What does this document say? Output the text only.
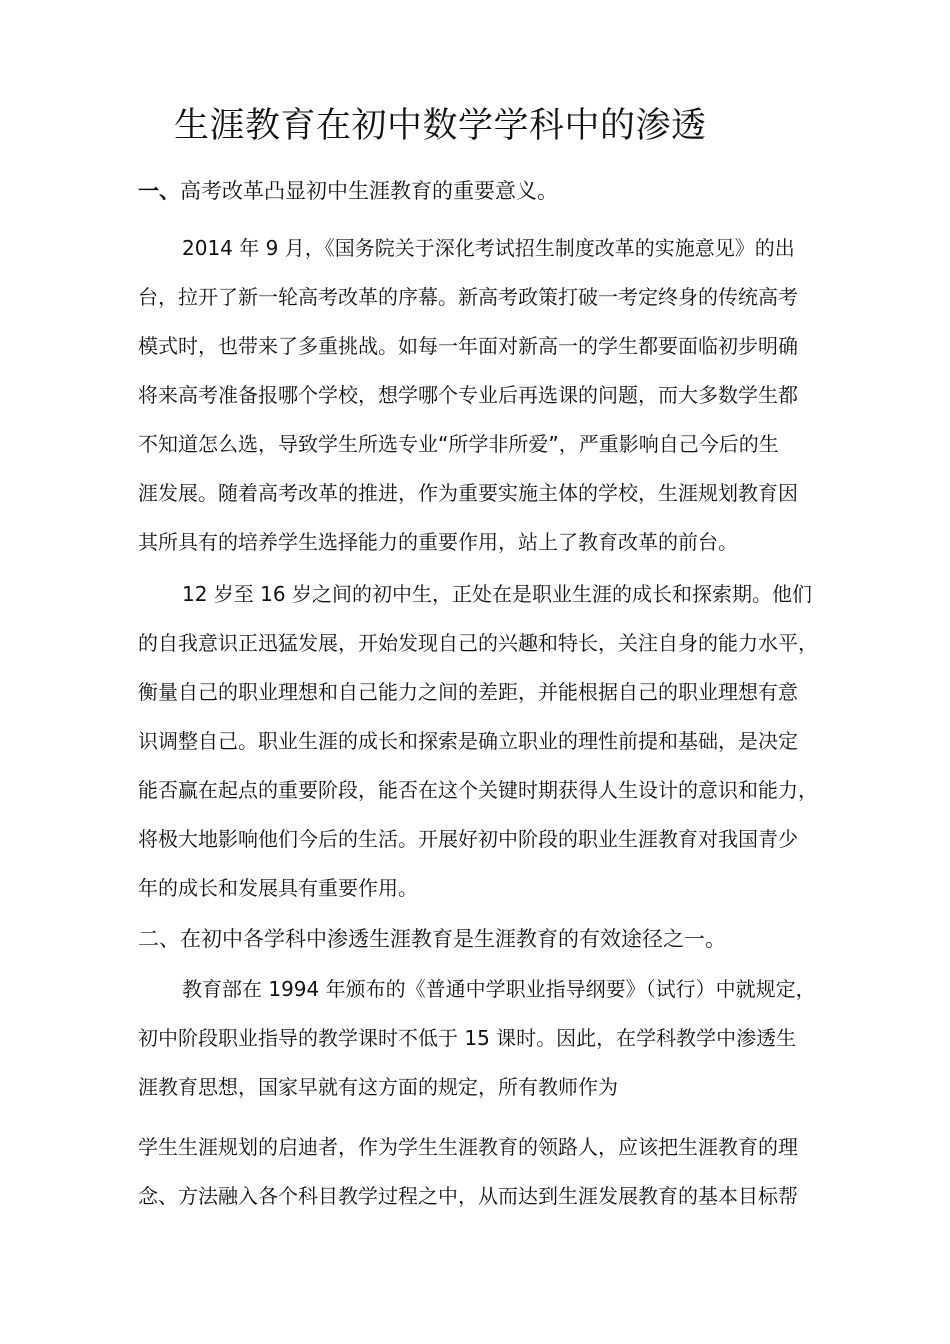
生涯教育在初中数学学科中的渗透
一、高考改革凸显初中生涯教育的重要意义。
2014 年 9 月，《国务院关于深化考试招生制度改革的实施意见》的出
台，拉开了新一轮高考改革的序幕。新高考政策打破一考定终身的传统高考
模式时，也带来了多重挑战。如每一年面对新高一的学生都要面临初步明确
将来高考准备报哪个学校，想学哪个专业后再选课的问题，而大多数学生都
不知道怎么选，导致学生所选专业“所学非所爱”，严重影响自己今后的生
涯发展。随着高考改革的推进，作为重要实施主体的学校，生涯规划教育因
其所具有的培养学生选择能力的重要作用，站上了教育改革的前台。
12 岁至 16 岁之间的初中生，正处在是职业生涯的成长和探索期。他们
的自我意识正迅猛发展，开始发现自己的兴趣和特长，关注自身的能力水平，
衡量自己的职业理想和自己能力之间的差距，并能根据自己的职业理想有意
识调整自己。职业生涯的成长和探索是确立职业的理性前提和基础，是决定
能否赢在起点的重要阶段，能否在这个关键时期获得人生设计的意识和能力，
将极大地影响他们今后的生活。开展好初中阶段的职业生涯教育对我国青少
年的成长和发展具有重要作用。
二、在初中各学科中渗透生涯教育是生涯教育的有效途径之一。
教育部在 1994 年颁布的《普通中学职业指导纲要》（试行）中就规定，
初中阶段职业指导的教学课时不低于 15 课时。因此，在学科教学中渗透生
涯教育思想，国家早就有这方面的规定，所有教师作为
学生生涯规划的启迪者，作为学生生涯教育的领路人，应该把生涯教育的理
念、方法融入各个科目教学过程之中，从而达到生涯发展教育的基本目标帮
